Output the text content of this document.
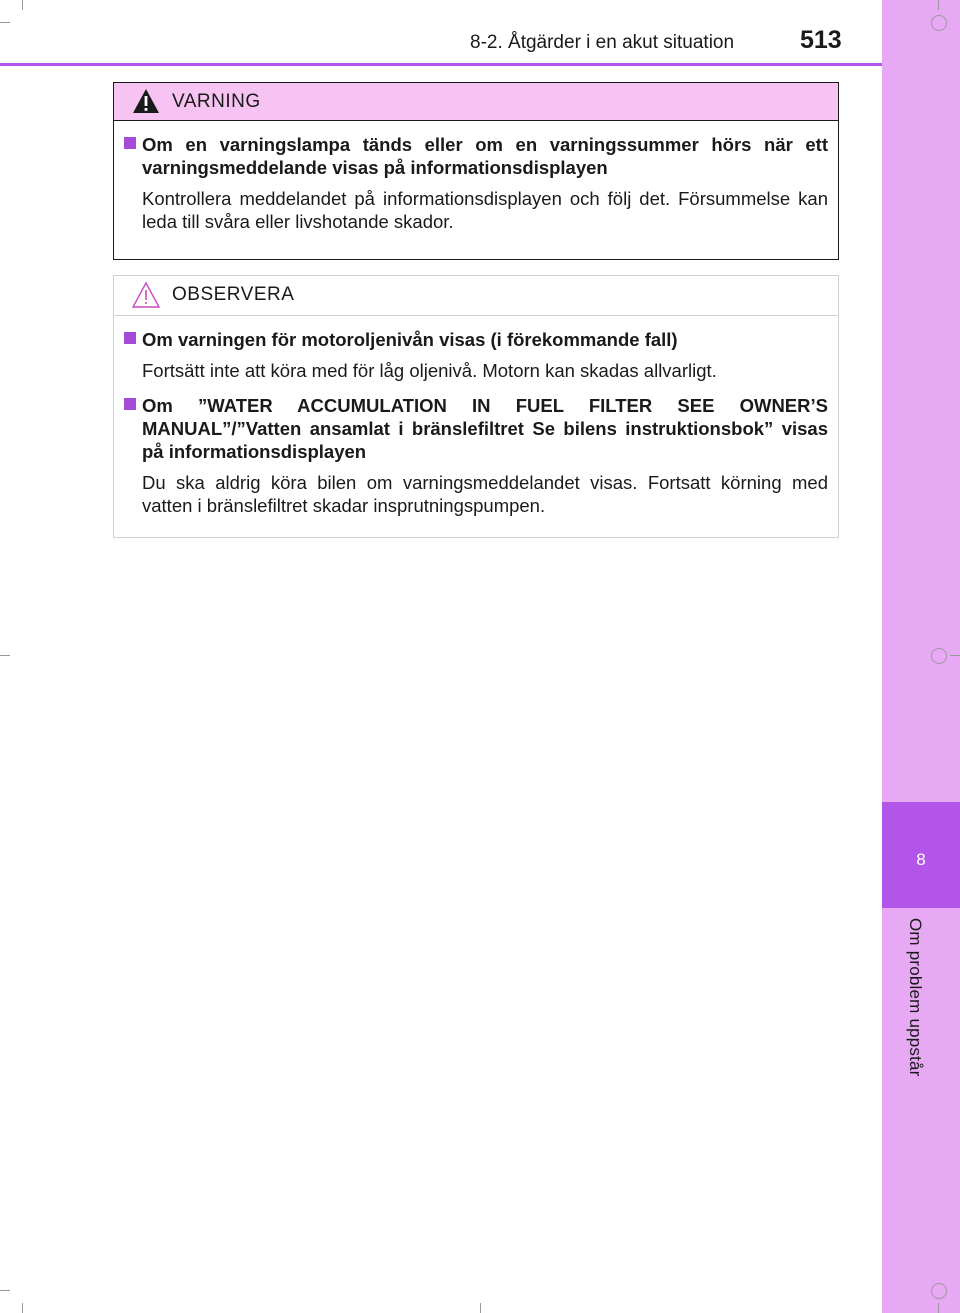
8
Om problem uppstår
8-2. Åtgärder i en akut situation	513
VARNING

Om en varningslampa tänds eller om en varningssummer hörs när ett varningsmeddelande visas på informationsdisplayen

Kontrollera meddelandet på informationsdisplayen och följ det. Försummelse kan leda till svåra eller livshotande skador.

OBSERVERA

Om varningen för motoroljenivån visas (i förekommande fall)

Fortsätt inte att köra med för låg oljenivå. Motorn kan skadas allvarligt.

Om ”WATER ACCUMULATION IN FUEL FILTER SEE OWNER’S MANUAL”/”Vatten ansamlat i bränslefiltret Se bilens instruktionsbok” visas på informationsdisplayen

Du ska aldrig köra bilen om varningsmeddelandet visas. Fortsatt körning med vatten i bränslefiltret skadar insprutningspumpen.
